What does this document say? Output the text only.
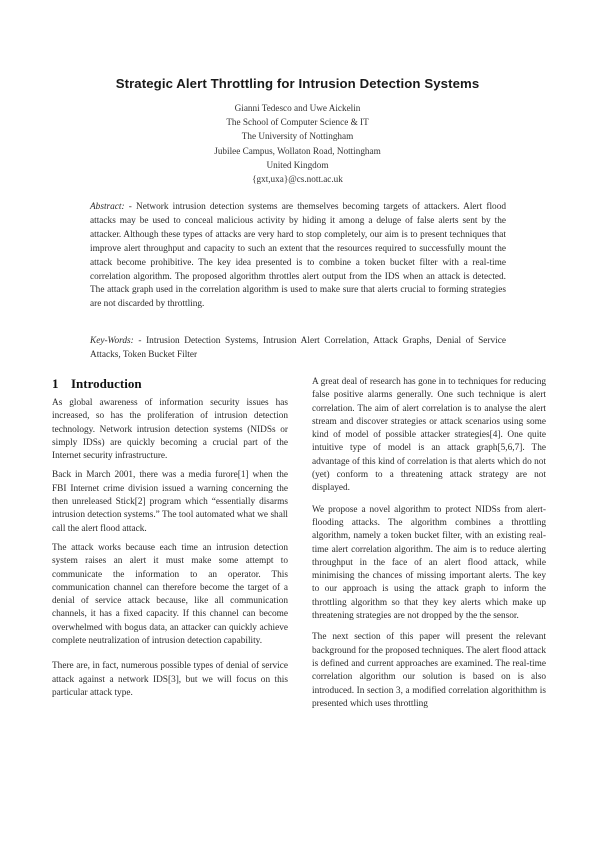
Strategic Alert Throttling for Intrusion Detection Systems
Gianni Tedesco and Uwe Aickelin
The School of Computer Science & IT
The University of Nottingham
Jubilee Campus, Wollaton Road, Nottingham
United Kingdom
{gxt,uxa}@cs.nott.ac.uk
Abstract: - Network intrusion detection systems are themselves becoming targets of attackers. Alert flood attacks may be used to conceal malicious activity by hiding it among a deluge of false alerts sent by the attacker. Although these types of attacks are very hard to stop completely, our aim is to present techniques that improve alert throughput and capacity to such an extent that the resources required to successfully mount the attack become prohibitive. The key idea presented is to combine a token bucket filter with a real-time correlation algorithm. The proposed algorithm throttles alert output from the IDS when an attack is detected. The attack graph used in the correlation algorithm is used to make sure that alerts crucial to forming strategies are not discarded by throttling.
Key-Words: - Intrusion Detection Systems, Intrusion Alert Correlation, Attack Graphs, Denial of Service Attacks, Token Bucket Filter
1 Introduction

As global awareness of information security issues has increased, so has the proliferation of intrusion detection technology. Network intrusion detection systems (NIDSs or simply IDSs) are quickly becoming a crucial part of the Internet security infrastructure.

Back in March 2001, there was a media furore[1] when the FBI Internet crime division issued a warning concerning the then unreleased Stick[2] program which “essentially disarms intrusion detection systems.” The tool automated what we shall call the alert flood attack.

The attack works because each time an intrusion detection system raises an alert it must make some attempt to communicate the information to an operator. This communication channel can therefore become the target of a denial of service attack because, like all communication channels, it has a fixed capacity. If this channel can become overwhelmed with bogus data, an attacker can quickly achieve complete neutralization of intrusion detection capability.

There are, in fact, numerous possible types of denial of service attack against a network IDS[3], but we will focus on this particular attack type.

A great deal of research has gone in to techniques for reducing false positive alarms generally. One such technique is alert correlation. The aim of alert correlation is to analyse the alert stream and discover strategies or attack scenarios using some kind of model of possible attacker strategies[4]. One quite intuitive type of model is an attack graph[5,6,7]. The advantage of this kind of correlation is that alerts which do not (yet) conform to a threatening attack strategy are not displayed.

We propose a novel algorithm to protect NIDSs from alert-flooding attacks. The algorithm combines a throttling algorithm, namely a token bucket filter, with an existing real-time alert correlation algorithm. The aim is to reduce alerting throughput in the face of an alert flood attack, while minimising the chances of missing important alerts. The key to our approach is using the attack graph to inform the throttling algorithm so that they key alerts which make up threatening strategies are not dropped by the the sensor.

The next section of this paper will present the relevant background for the proposed techniques. The alert flood attack is defined and current approaches are examined. The real-time correlation algorithm our solution is based on is also introduced. In section 3, a modified correlation algorithithm is presented which uses throttling
